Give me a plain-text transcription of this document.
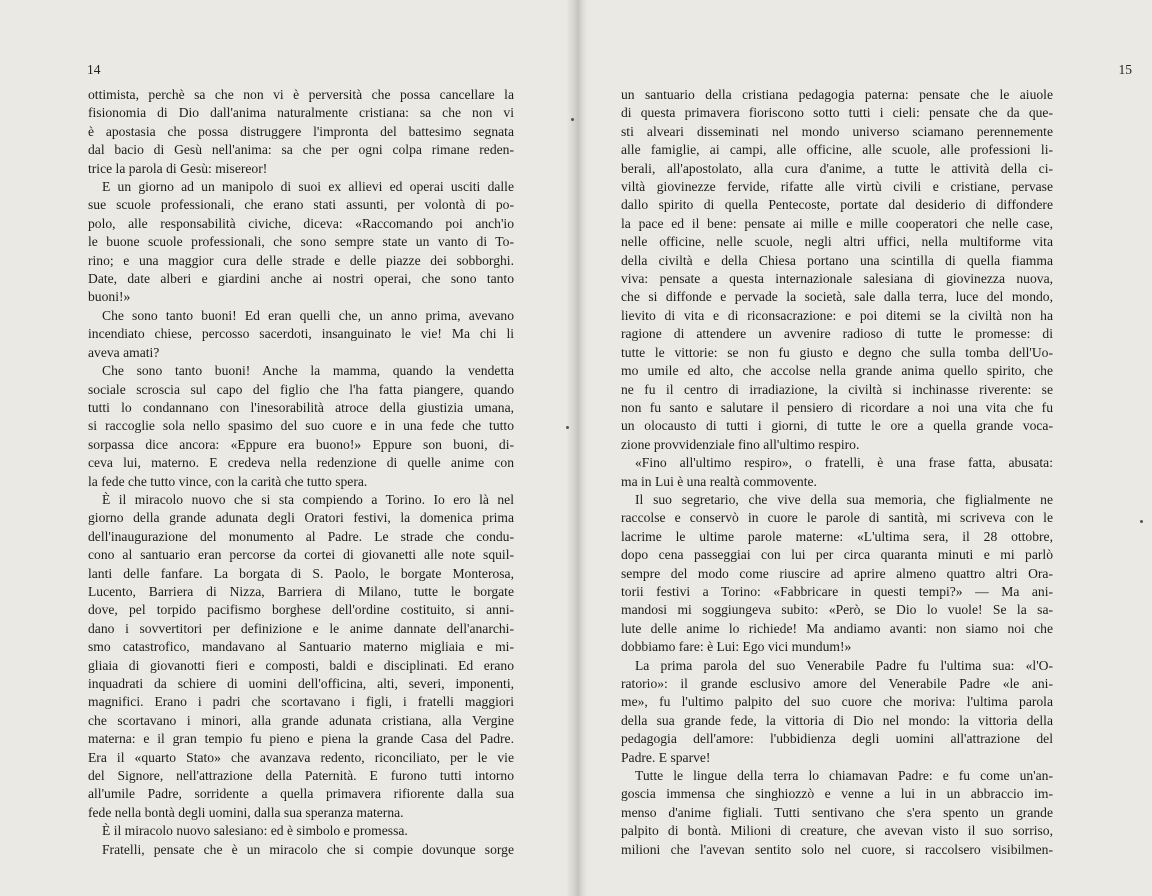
14
ottimista, perchè sa che non vi è perversità che possa cancellare la
fisionomia di Dio dall'anima naturalmente cristiana: sa che non vi
è apostasia che possa distruggere l'impronta del battesimo segnata
dal bacio di Gesù nell'anima: sa che per ogni colpa rimane reden-
trice la parola di Gesù: misereor!
E un giorno ad un manipolo di suoi ex allievi ed operai usciti dalle
sue scuole professionali, che erano stati assunti, per volontà di po-
polo, alle responsabilità civiche, diceva: «Raccomando poi anch'io
le buone scuole professionali, che sono sempre state un vanto di To-
rino; e una maggior cura delle strade e delle piazze dei sobborghi.
Date, date alberi e giardini anche ai nostri operai, che sono tanto
buoni!»
Che sono tanto buoni! Ed eran quelli che, un anno prima, avevano
incendiato chiese, percosso sacerdoti, insanguinato le vie! Ma chi li
aveva amati?
Che sono tanto buoni! Anche la mamma, quando la vendetta
sociale scroscia sul capo del figlio che l'ha fatta piangere, quando
tutti lo condannano con l'inesorabilità atroce della giustizia umana,
si raccoglie sola nello spasimo del suo cuore e in una fede che tutto
sorpassa dice ancora: «Eppure era buono!» Eppure son buoni, di-
ceva lui, materno. E credeva nella redenzione di quelle anime con
la fede che tutto vince, con la carità che tutto spera.
È il miracolo nuovo che si sta compiendo a Torino. Io ero là nel
giorno della grande adunata degli Oratori festivi, la domenica prima
dell'inaugurazione del monumento al Padre. Le strade che condu-
cono al santuario eran percorse da cortei di giovanetti alle note squil-
lanti delle fanfare. La borgata di S. Paolo, le borgate Monterosa,
Lucento, Barriera di Nizza, Barriera di Milano, tutte le borgate
dove, pel torpido pacifismo borghese dell'ordine costituito, si anni-
dano i sovvertitori per definizione e le anime dannate dell'anarchi-
smo catastrofico, mandavano al Santuario materno migliaia e mi-
gliaia di giovanotti fieri e composti, baldi e disciplinati. Ed erano
inquadrati da schiere di uomini dell'officina, alti, severi, imponenti,
magnifici. Erano i padri che scortavano i figli, i fratelli maggiori
che scortavano i minori, alla grande adunata cristiana, alla Vergine
materna: e il gran tempio fu pieno e piena la grande Casa del Padre.
Era il «quarto Stato» che avanzava redento, riconciliato, per le vie
del Signore, nell'attrazione della Paternità. E furono tutti intorno
all'umile Padre, sorridente a quella primavera rifiorente dalla sua
fede nella bontà degli uomini, dalla sua speranza materna.
È il miracolo nuovo salesiano: ed è simbolo e promessa.
Fratelli, pensate che è un miracolo che si compie dovunque sorge
15
un santuario della cristiana pedagogia paterna: pensate che le aiuole
di questa primavera fioriscono sotto tutti i cieli: pensate che da que-
sti alveari disseminati nel mondo universo sciamano perennemente
alle famiglie, ai campi, alle officine, alle scuole, alle professioni li-
berali, all'apostolato, alla cura d'anime, a tutte le attività della ci-
viltà giovinezze fervide, rifatte alle virtù civili e cristiane, pervase
dallo spirito di quella Pentecoste, portate dal desiderio di diffondere
la pace ed il bene: pensate ai mille e mille cooperatori che nelle case,
nelle officine, nelle scuole, negli altri uffici, nella multiforme vita
della civiltà e della Chiesa portano una scintilla di quella fiamma
viva: pensate a questa internazionale salesiana di giovinezza nuova,
che si diffonde e pervade la società, sale dalla terra, luce del mondo,
lievito di vita e di riconsacrazione: e poi ditemi se la civiltà non ha
ragione di attendere un avvenire radioso di tutte le promesse: di
tutte le vittorie: se non fu giusto e degno che sulla tomba dell'Uo-
mo umile ed alto, che accolse nella grande anima quello spirito, che
ne fu il centro di irradiazione, la civiltà si inchinasse riverente: se
non fu santo e salutare il pensiero di ricordare a noi una vita che fu
un olocausto di tutti i giorni, di tutte le ore a quella grande voca-
zione provvidenziale fino all'ultimo respiro.
«Fino all'ultimo respiro», o fratelli, è una frase fatta, abusata:
ma in Lui è una realtà commovente.
Il suo segretario, che vive della sua memoria, che figlialmente ne
raccolse e conservò in cuore le parole di santità, mi scriveva con le
lacrime le ultime parole materne: «L'ultima sera, il 28 ottobre,
dopo cena passeggiai con lui per circa quaranta minuti e mi parlò
sempre del modo come riuscire ad aprire almeno quattro altri Ora-
torii festivi a Torino: «Fabbricare in questi tempi?» — Ma ani-
mandosi mi soggiungeva subito: «Però, se Dio lo vuole! Se la sa-
lute delle anime lo richiede! Ma andiamo avanti: non siamo noi che
dobbiamo fare: è Lui: Ego vici mundum!»
La prima parola del suo Venerabile Padre fu l'ultima sua: «l'O-
ratorio»: il grande esclusivo amore del Venerabile Padre «le ani-
me», fu l'ultimo palpito del suo cuore che moriva: l'ultima parola
della sua grande fede, la vittoria di Dio nel mondo: la vittoria della
pedagogia dell'amore: l'ubbidienza degli uomini all'attrazione del
Padre. E sparve!
Tutte le lingue della terra lo chiamavan Padre: e fu come un'an-
goscia immensa che singhiozzò e venne a lui in un abbraccio im-
menso d'anime figliali. Tutti sentivano che s'era spento un grande
palpito di bontà. Milioni di creature, che avevan visto il suo sorriso,
milioni che l'avevan sentito solo nel cuore, si raccolsero visibilmen-
